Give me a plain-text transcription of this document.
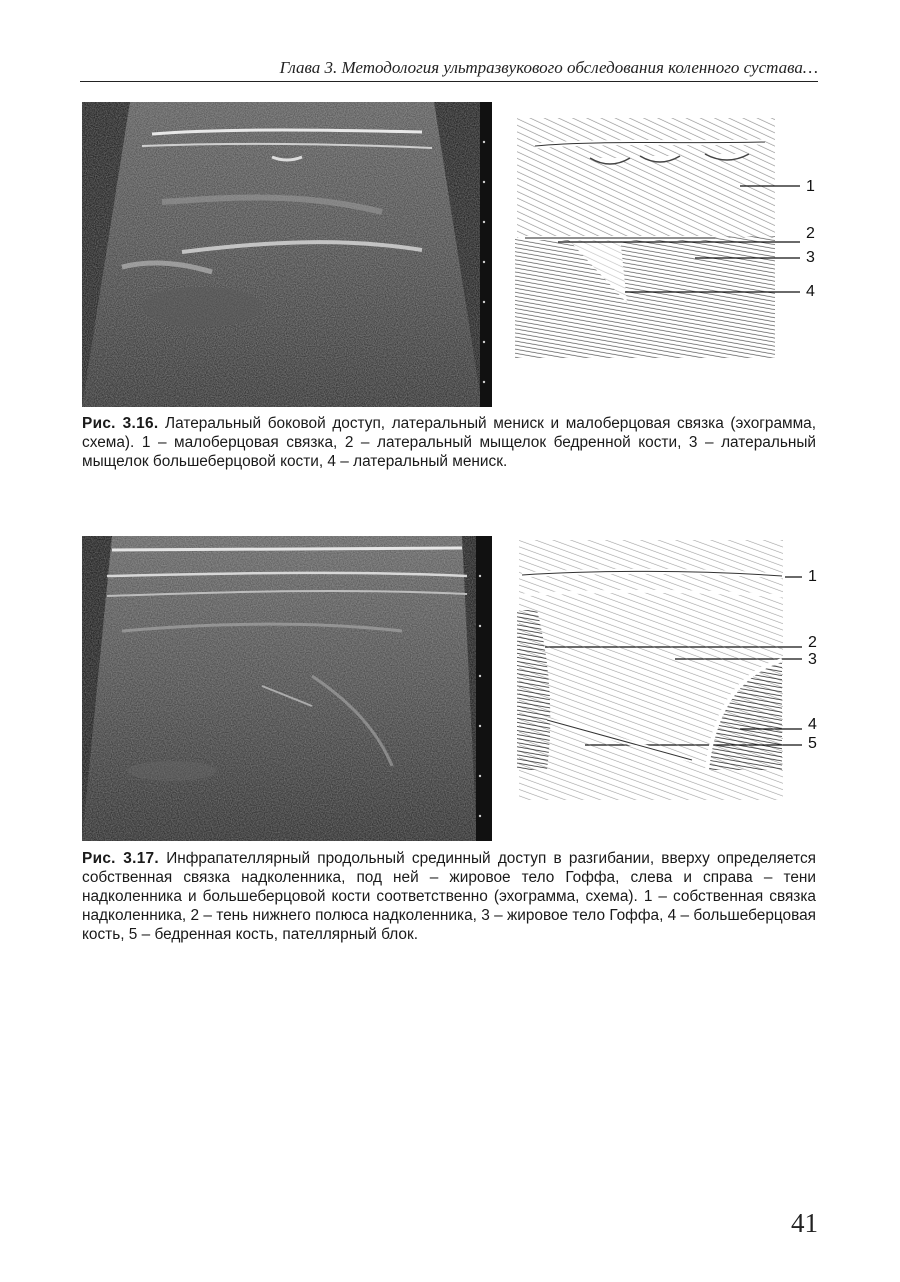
Глава 3. Методология ультразвукового обследования коленного сустава…
1
2
3
4
Рис. 3.16. Латеральный боковой доступ, латеральный мениск и малоберцовая связка (эхограмма, схема). 1 – малоберцовая связка, 2 – латеральный мыщелок бедренной кости, 3 – латеральный мыщелок большеберцовой кости, 4 – латеральный мениск.
1
2
3
4
5
Рис. 3.17. Инфрапателлярный продольный срединный доступ в разгибании, вверху определяется собственная связка надколенника, под ней – жировое тело Гоффа, слева и справа – тени надколенника и большеберцовой кости соответственно (эхограмма, схема). 1 – собственная связка надколенника, 2 – тень нижнего полюса надколенника, 3 – жировое тело Гоффа, 4 – большеберцовая кость, 5 – бедренная кость, пателлярный блок.
41
